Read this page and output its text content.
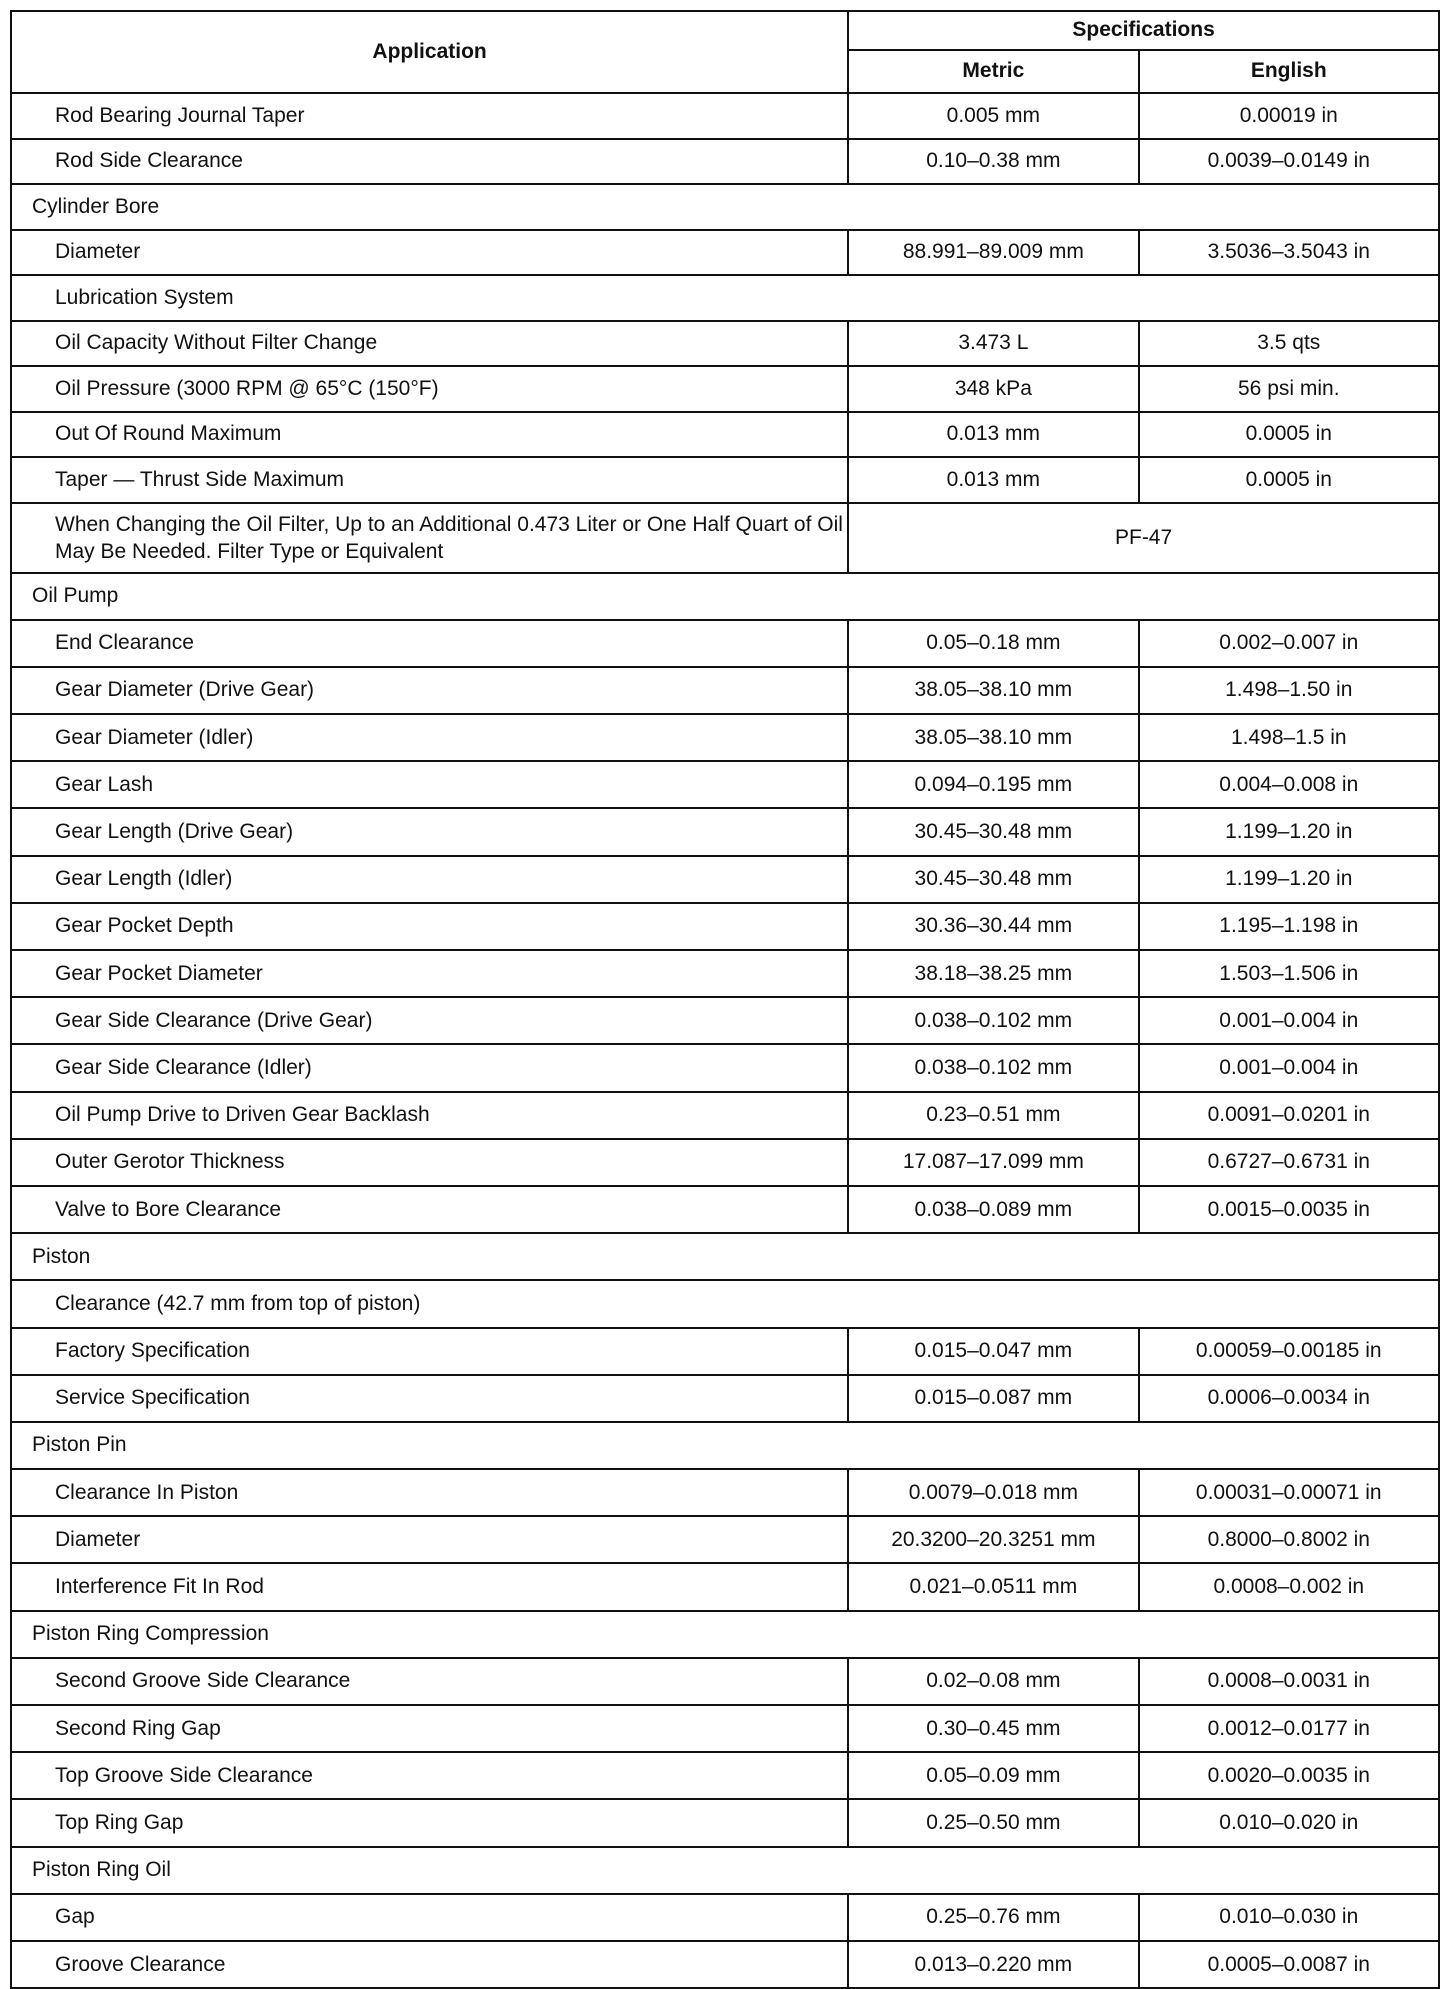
Application	Specifications	
	Metric	English
Rod Bearing Journal Taper	0.005 mm	0.00019 in
Rod Side Clearance	0.10–0.38 mm	0.0039–0.0149 in
Cylinder Bore		
Diameter	88.991–89.009 mm	3.5036–3.5043 in
Lubrication System		
Oil Capacity Without Filter Change	3.473 L	3.5 qts
Oil Pressure (3000 RPM @ 65°C (150°F)	348 kPa	56 psi min.
Out Of Round Maximum	0.013 mm	0.0005 in
Taper — Thrust Side Maximum	0.013 mm	0.0005 in
When Changing the Oil Filter, Up to an Additional 0.473 Liter or One Half Quart of Oil May Be Needed. Filter Type or Equivalent	PF-47	
Oil Pump		
End Clearance	0.05–0.18 mm	0.002–0.007 in
Gear Diameter (Drive Gear)	38.05–38.10 mm	1.498–1.50 in
Gear Diameter (Idler)	38.05–38.10 mm	1.498–1.5 in
Gear Lash	0.094–0.195 mm	0.004–0.008 in
Gear Length (Drive Gear)	30.45–30.48 mm	1.199–1.20 in
Gear Length (Idler)	30.45–30.48 mm	1.199–1.20 in
Gear Pocket Depth	30.36–30.44 mm	1.195–1.198 in
Gear Pocket Diameter	38.18–38.25 mm	1.503–1.506 in
Gear Side Clearance (Drive Gear)	0.038–0.102 mm	0.001–0.004 in
Gear Side Clearance (Idler)	0.038–0.102 mm	0.001–0.004 in
Oil Pump Drive to Driven Gear Backlash	0.23–0.51 mm	0.0091–0.0201 in
Outer Gerotor Thickness	17.087–17.099 mm	0.6727–0.6731 in
Valve to Bore Clearance	0.038–0.089 mm	0.0015–0.0035 in
Piston		
Clearance (42.7 mm from top of piston)		
Factory Specification	0.015–0.047 mm	0.00059–0.00185 in
Service Specification	0.015–0.087 mm	0.0006–0.0034 in
Piston Pin		
Clearance In Piston	0.0079–0.018 mm	0.00031–0.00071 in
Diameter	20.3200–20.3251 mm	0.8000–0.8002 in
Interference Fit In Rod	0.021–0.0511 mm	0.0008–0.002 in
Piston Ring Compression		
Second Groove Side Clearance	0.02–0.08 mm	0.0008–0.0031 in
Second Ring Gap	0.30–0.45 mm	0.0012–0.0177 in
Top Groove Side Clearance	0.05–0.09 mm	0.0020–0.0035 in
Top Ring Gap	0.25–0.50 mm	0.010–0.020 in
Piston Ring Oil		
Gap	0.25–0.76 mm	0.010–0.030 in
Groove Clearance	0.013–0.220 mm	0.0005–0.0087 in
